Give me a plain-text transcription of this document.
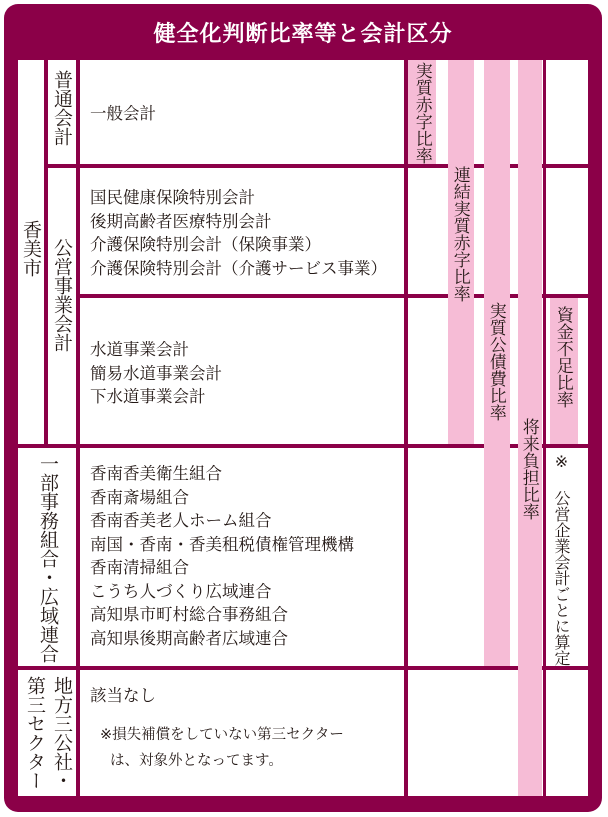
健全化判断比率等と会計区分
香美市
一部事務組合・広域連合
地方三公社・
第三セクター
普通会計
公営事業会計
一般会計
国民健康保険特別会計
後期高齢者医療特別会計
介護保険特別会計（保険事業）
介護保険特別会計（介護サービス事業）
水道事業会計
簡易水道事業会計
下水道事業会計
香南香美衛生組合
香南斎場組合
香南香美老人ホーム組合
南国・香南・香美租税債権管理機構
香南清掃組合
こうち人づくり広域連合
高知県市町村総合事務組合
高知県後期高齢者広域連合
該当なし
※損失補償をしていない第三セクター
は、対象外となってます。
実質赤字比率
連結実質赤字比率
実質公債費比率
将来負担比率
資金不足比率
※ 公営企業会計ごとに算定
